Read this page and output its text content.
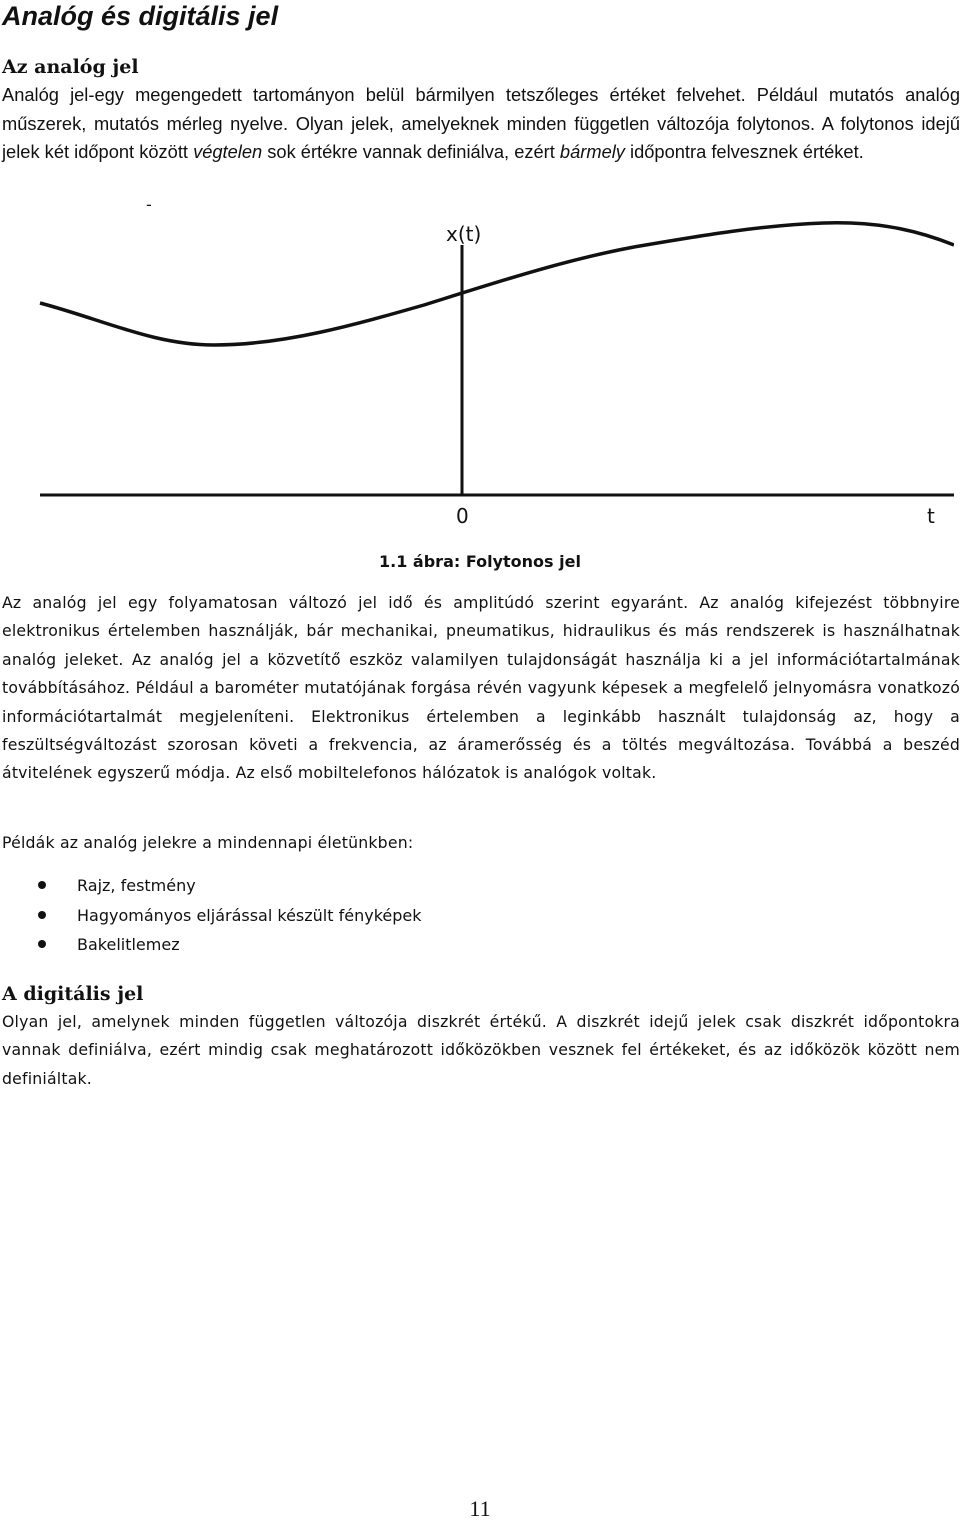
Analóg és digitális jel
Az analóg jel

Analóg jel-egy megengedett tartományon belül bármilyen tetszőleges értéket felvehet. Például mutatós analóg műszerek, mutatós mérleg nyelve. Olyan jelek, amelyeknek minden független változója folytonos. A folytonos idejű jelek két időpont között végtelen sok értékre vannak definiálva, ezért bármely időpontra felvesznek értéket.

-
x(t)
0	t
1.1 ábra: Folytonos jel

Az analóg jel egy folyamatosan változó jel idő és amplitúdó szerint egyaránt. Az analóg kifejezést többnyire elektronikus értelemben használják, bár mechanikai, pneumatikus, hidraulikus és más rendszerek is használhatnak analóg jeleket. Az analóg jel a közvetítő eszköz valamilyen tulajdonságát használja ki a jel információtartalmának továbbításához. Például a barométer mutatójának forgása révén vagyunk képesek a megfelelő jelnyomásra vonatkozó információtartalmát megjeleníteni. Elektronikus értelemben a leginkább használt tulajdonság az, hogy a feszültségváltozást szorosan követi a frekvencia, az áramerősség és a töltés megváltozása. Továbbá a beszéd átvitelének egyszerű módja. Az első mobiltelefonos hálózatok is analógok voltak.

Példák az analóg jelekre a mindennapi életünkben:

Rajz, festmény
Hagyományos eljárással készült fényképek
Bakelitlemez
A digitális jel

Olyan jel, amelynek minden független változója diszkrét értékű. A diszkrét idejű jelek csak diszkrét időpontokra vannak definiálva, ezért mindig csak meghatározott időközökben vesznek fel értékeket, és az időközök között nem definiáltak.

11
